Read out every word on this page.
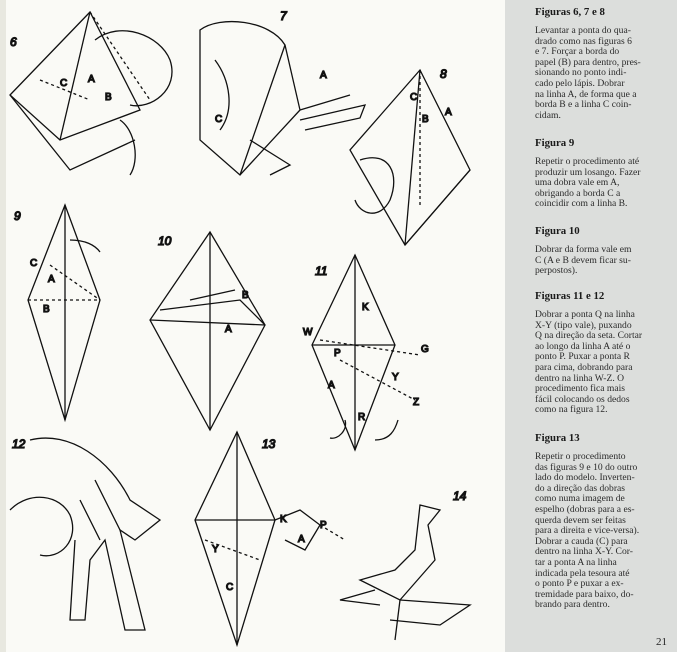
6
C A
B
7
A
C
8
A
B
C
9
C
A
B
10
B
A
11
W
K
P	G
A
Y
Z
R
12	13
K
P
A
Y
C
14
Figuras 6, 7 e 8
Levantar a ponta do qua-
drado como nas figuras 6
e 7. Forçar a borda do
papel (B) para dentro, pres-
sionando no ponto indi-
cado pelo lápis. Dobrar
na linha A, de forma que a
borda B e a linha C coin-
cidam.
Figura 9
Repetir o procedimento até
produzir um losango. Fazer
uma dobra vale em A,
obrigando a borda C a
coincidir com a linha B.
Figura 10
Dobrar da forma vale em
C (A e B devem ficar su-
perpostos).
Figuras 11 e 12
Dobrar a ponta Q na linha
X-Y (tipo vale), puxando
Q na direção da seta. Cortar
ao longo da linha A até o
ponto P. Puxar a ponta R
para cima, dobrando para
dentro na linha W-Z. O
procedimento fica mais
fácil colocando os dedos
como na figura 12.
Figura 13
Repetir o procedimento
das figuras 9 e 10 do outro
lado do modelo. Inverten-
do a direção das dobras
como numa imagem de
espelho (dobras para a es-
querda devem ser feitas
para a direita e vice-versa).
Dobrar a cauda (C) para
dentro na linha X-Y. Cor-
tar a ponta A na linha
indicada pela tesoura até
o ponto P e puxar a ex-
tremidade para baixo, do-
brando para dentro.
21
